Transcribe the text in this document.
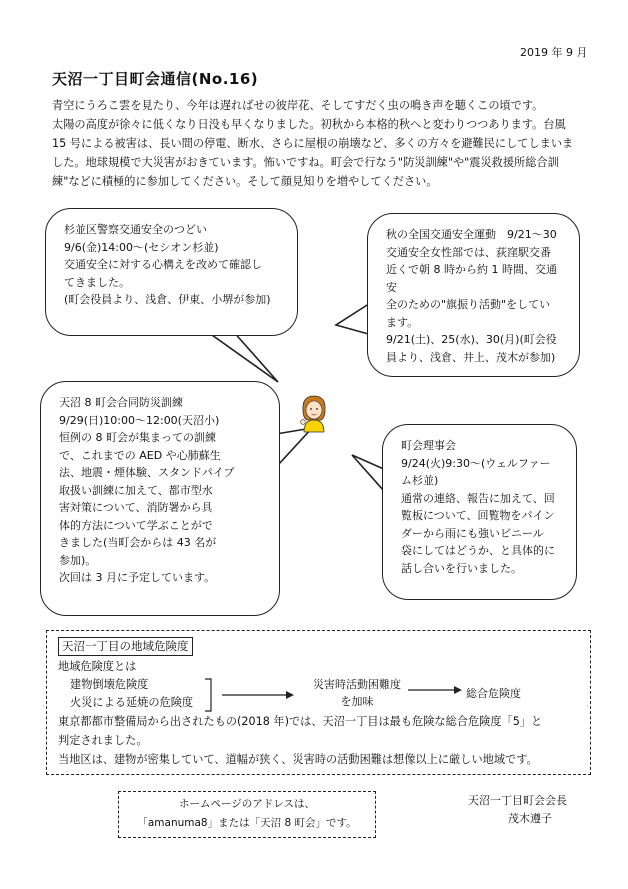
2019 年 9 月
天沼一丁目町会通信(No.16)

青空にうろこ雲を見たり、今年は遅ればせの彼岸花、そしてすだく虫の鳴き声を聴くこの頃です。

太陽の高度が徐々に低くなり日没も早くなりました。初秋から本格的秋へと変わりつつあります。台風

15 号による被害は、長い間の停電、断水、さらに屋根の崩壊など、多くの方々を避難民にしてしまいま

した。地球規模で大災害がおきています。怖いですね。町会で行なう"防災訓練"や"震災救援所総合訓

練"などに積極的に参加してください。そして顔見知りを増やしてください。

杉並区警察交通安全のつどい

9/6(金)14:00～(セシオン杉並)

交通安全に対する心構えを改めて確認し

てきました。

(町会役員より、浅倉、伊東、小堺が参加)

秋の全国交通安全運動　9/21～30

交通安全女性部では、荻窪駅交番

近くで朝 8 時から約 1 時間、交通安

全のための"旗振り活動"をしてい

ます。

9/21(土)、25(水)、30(月)(町会役

員より、浅倉、井上、茂木が参加)

天沼 8 町会合同防災訓練

9/29(日)10:00～12:00(天沼小)

恒例の 8 町会が集まっての訓練

で、これまでの AED や心肺蘇生

法、地震・煙体験、スタンドパイプ

取扱い訓練に加えて、都市型水

害対策について、消防署から具

体的方法について学ぶことがで

きました(当町会からは 43 名が

参加)。

次回は 3 月に予定しています。

町会理事会

9/24(火)9:30～(ウェルファー

ム杉並)

通常の連絡、報告に加えて、回

覧板について、回覧物をバイン

ダーから雨にも強いビニール

袋にしてはどうか、と具体的に

話し合いを行いました。

天沼一丁目の地域危険度
地域危険度とは
建物倒壊危険度
火災による延焼の危険度
災害時活動困難度
を加味
総合危険度
東京都都市整備局から出されたもの(2018 年)では、天沼一丁目は最も危険な総合危険度「5」と
判定されました。
当地区は、建物が密集していて、道幅が狭く、災害時の活動困難は想像以上に厳しい地域です。

ホームページのアドレスは、

「amanuma8」または「天沼 8 町会」です。

天沼一丁目町会会長
茂木遵子
